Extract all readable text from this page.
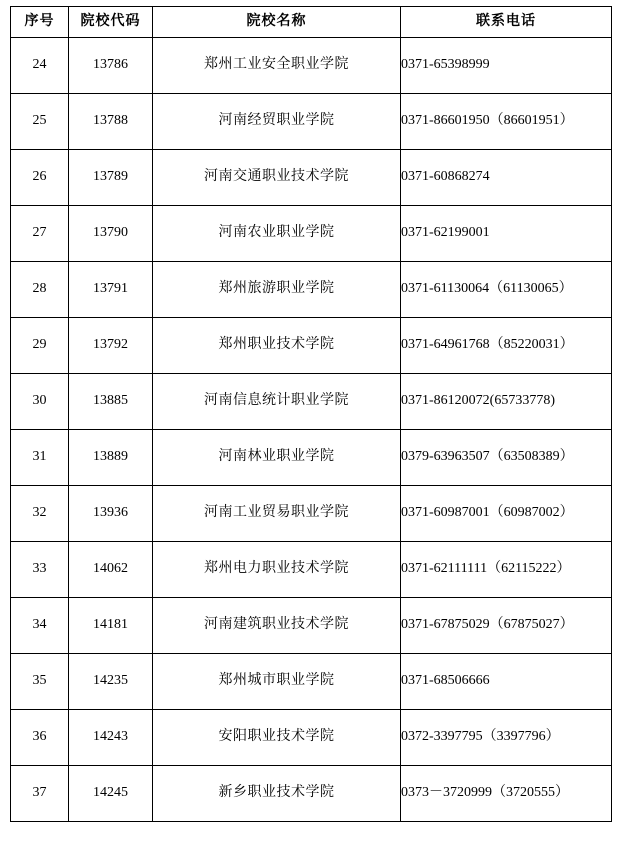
序号	院校代码	院校名称	联系电话
24	13786	郑州工业安全职业学院	0371-65398999
25	13788	河南经贸职业学院	0371-86601950（86601951）
26	13789	河南交通职业技术学院	0371-60868274
27	13790	河南农业职业学院	0371-62199001
28	13791	郑州旅游职业学院	0371-61130064（61130065）
29	13792	郑州职业技术学院	0371-64961768（85220031）
30	13885	河南信息统计职业学院	0371-86120072(65733778)
31	13889	河南林业职业学院	0379-63963507（63508389）
32	13936	河南工业贸易职业学院	0371-60987001（60987002）
33	14062	郑州电力职业技术学院	0371-62111111（62115222）
34	14181	河南建筑职业技术学院	0371-67875029（67875027）
35	14235	郑州城市职业学院	0371-68506666
36	14243	安阳职业技术学院	0372-3397795（3397796）
37	14245	新乡职业技术学院	0373－3720999（3720555）
